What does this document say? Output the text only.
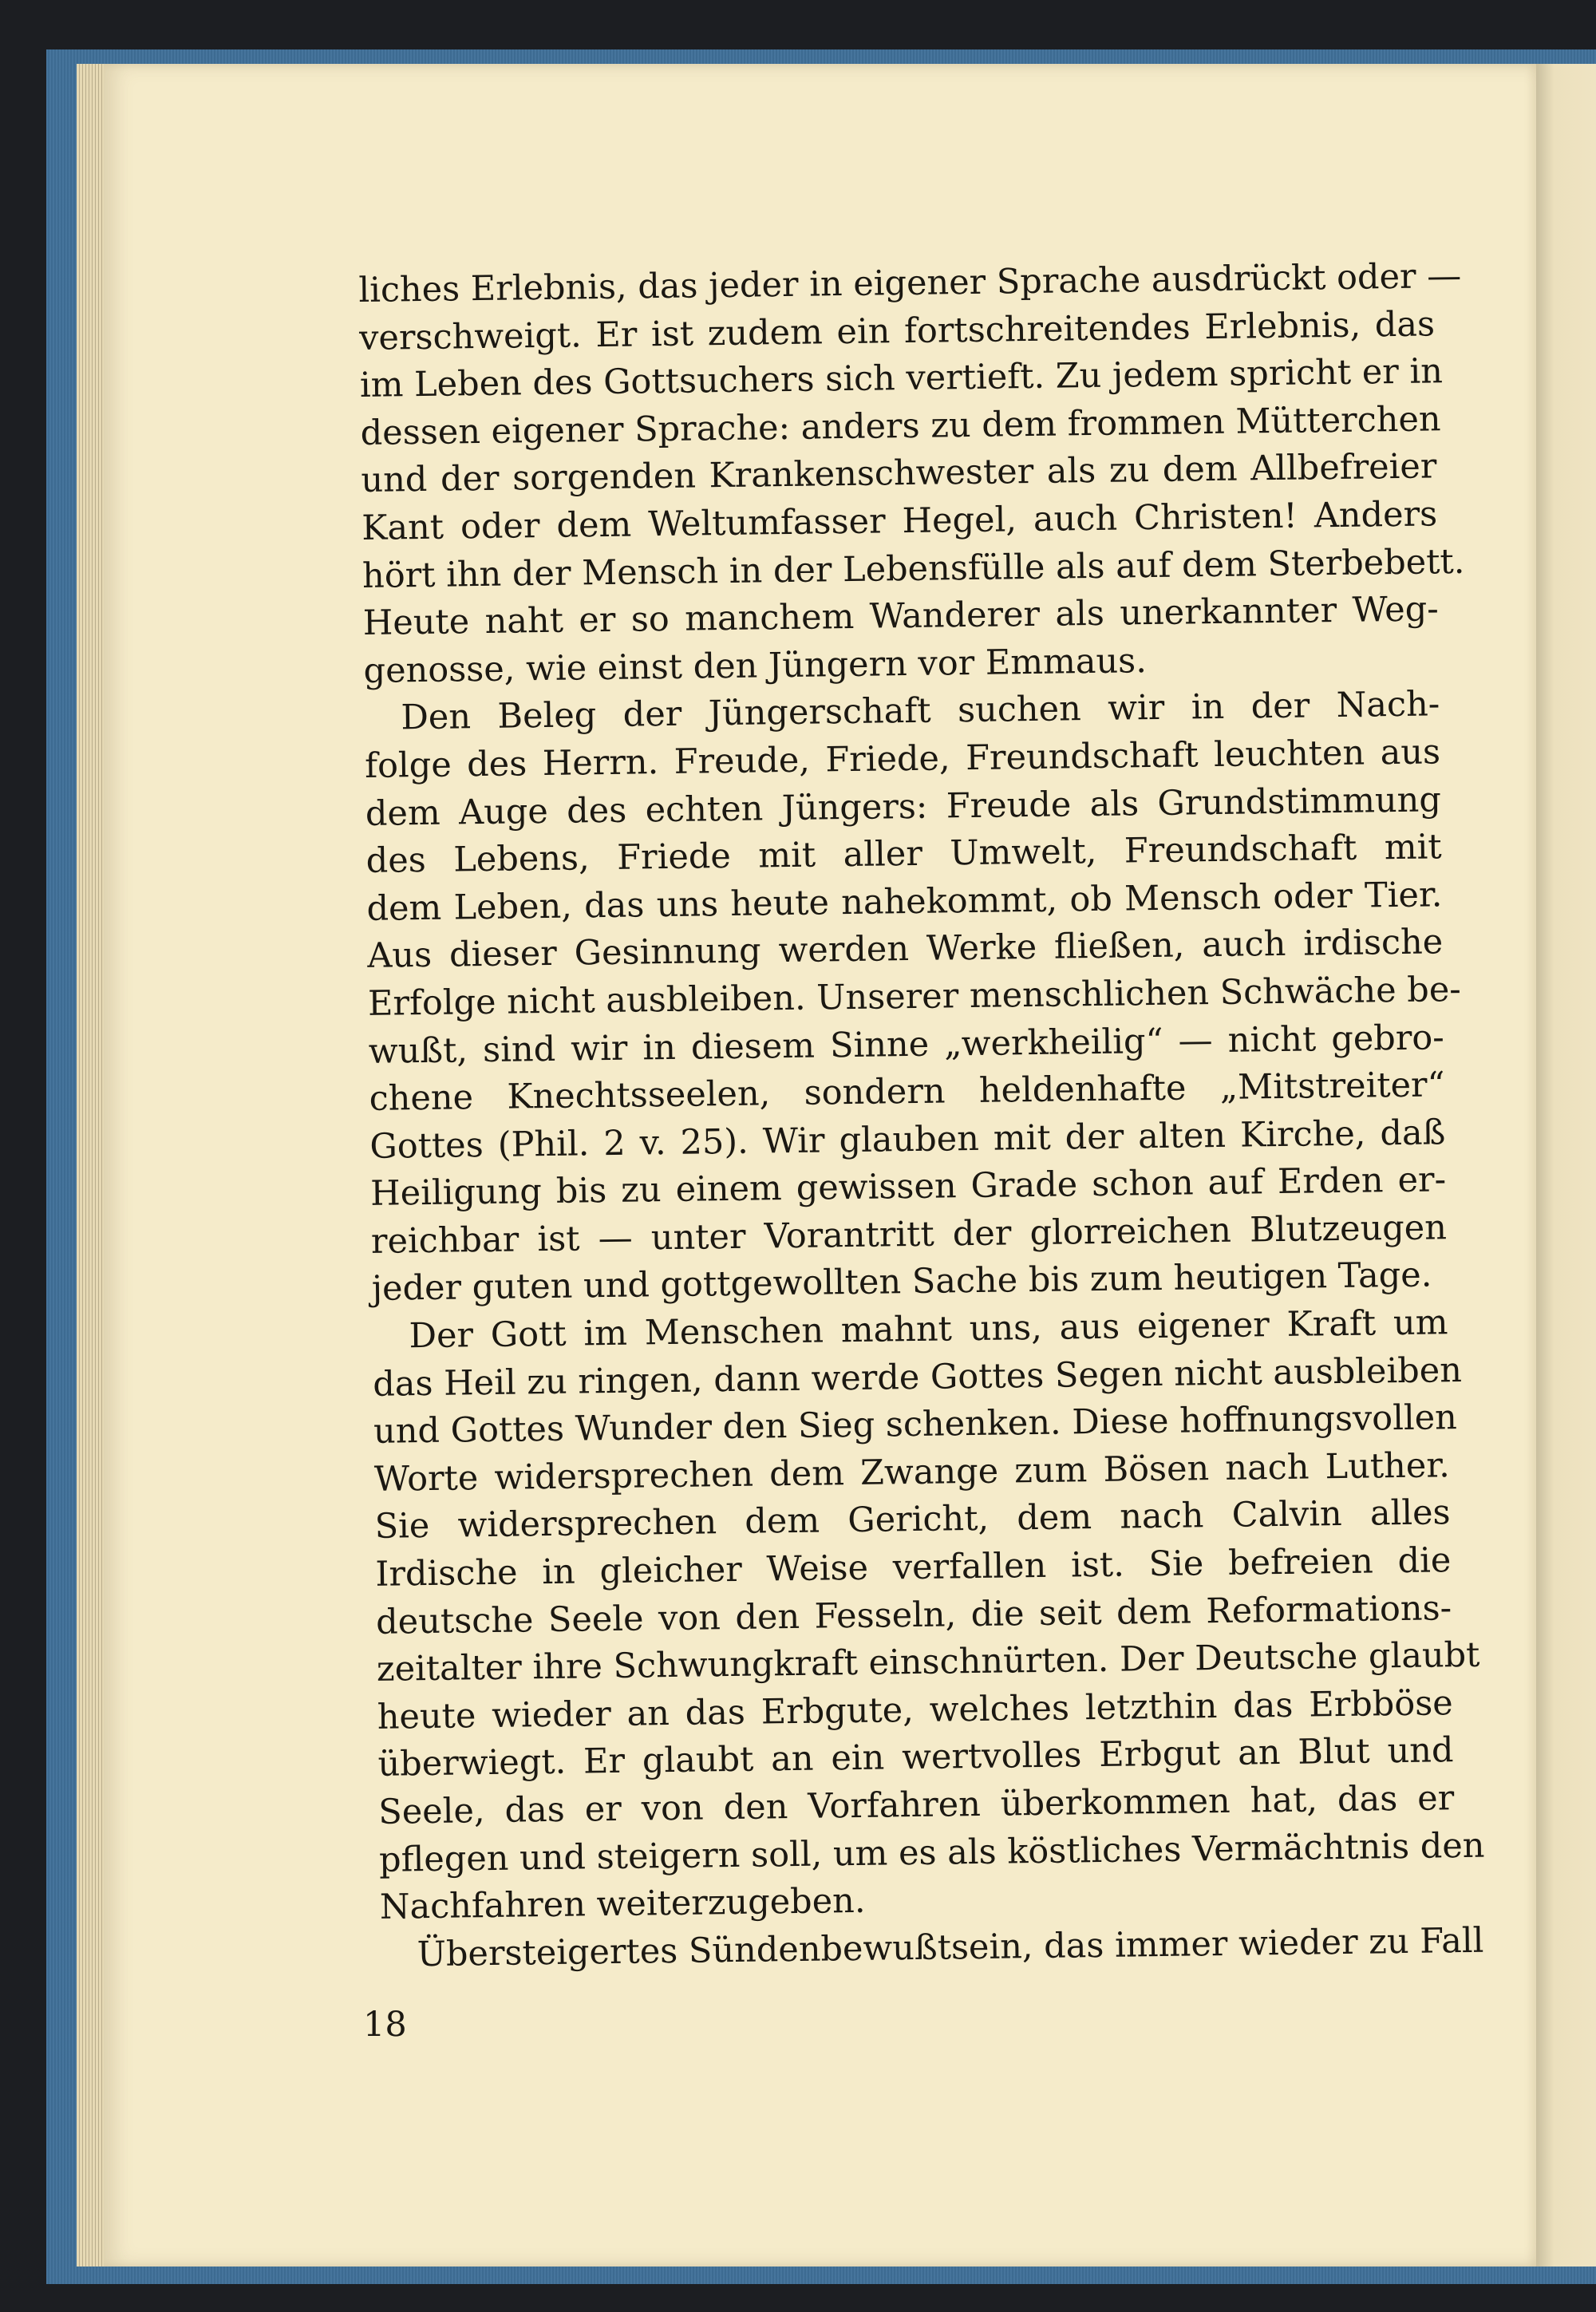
liches Erlebnis, das jeder in eigener Sprache ausdrückt oder —
verschweigt. Er ist zudem ein fortschreitendes Erlebnis, das
im Leben des Gottsuchers sich vertieft. Zu jedem spricht er in
dessen eigener Sprache: anders zu dem frommen Mütterchen
und der sorgenden Krankenschwester als zu dem Allbefreier
Kant oder dem Weltumfasser Hegel, auch Christen! Anders
hört ihn der Mensch in der Lebensfülle als auf dem Sterbebett.
Heute naht er so manchem Wanderer als unerkannter Weg-
genosse, wie einst den Jüngern vor Emmaus.
Den Beleg der Jüngerschaft suchen wir in der Nach-
folge des Herrn. Freude, Friede, Freundschaft leuchten aus
dem Auge des echten Jüngers: Freude als Grundstimmung
des Lebens, Friede mit aller Umwelt, Freundschaft mit
dem Leben, das uns heute nahekommt, ob Mensch oder Tier.
Aus dieser Gesinnung werden Werke fließen, auch irdische
Erfolge nicht ausbleiben. Unserer menschlichen Schwäche be-
wußt, sind wir in diesem Sinne „werkheilig“ — nicht gebro-
chene Knechtsseelen, sondern heldenhafte „Mitstreiter“
Gottes (Phil. 2 v. 25). Wir glauben mit der alten Kirche, daß
Heiligung bis zu einem gewissen Grade schon auf Erden er-
reichbar ist — unter Vorantritt der glorreichen Blutzeugen
jeder guten und gottgewollten Sache bis zum heutigen Tage.
Der Gott im Menschen mahnt uns, aus eigener Kraft um
das Heil zu ringen, dann werde Gottes Segen nicht ausbleiben
und Gottes Wunder den Sieg schenken. Diese hoffnungsvollen
Worte widersprechen dem Zwange zum Bösen nach Luther.
Sie widersprechen dem Gericht, dem nach Calvin alles
Irdische in gleicher Weise verfallen ist. Sie befreien die
deutsche Seele von den Fesseln, die seit dem Reformations-
zeitalter ihre Schwungkraft einschnürten. Der Deutsche glaubt
heute wieder an das Erbgute, welches letzthin das Erbböse
überwiegt. Er glaubt an ein wertvolles Erbgut an Blut und
Seele, das er von den Vorfahren überkommen hat, das er
pflegen und steigern soll, um es als köstliches Vermächtnis den
Nachfahren weiterzugeben.
Übersteigertes Sündenbewußtsein, das immer wieder zu Fall
18
